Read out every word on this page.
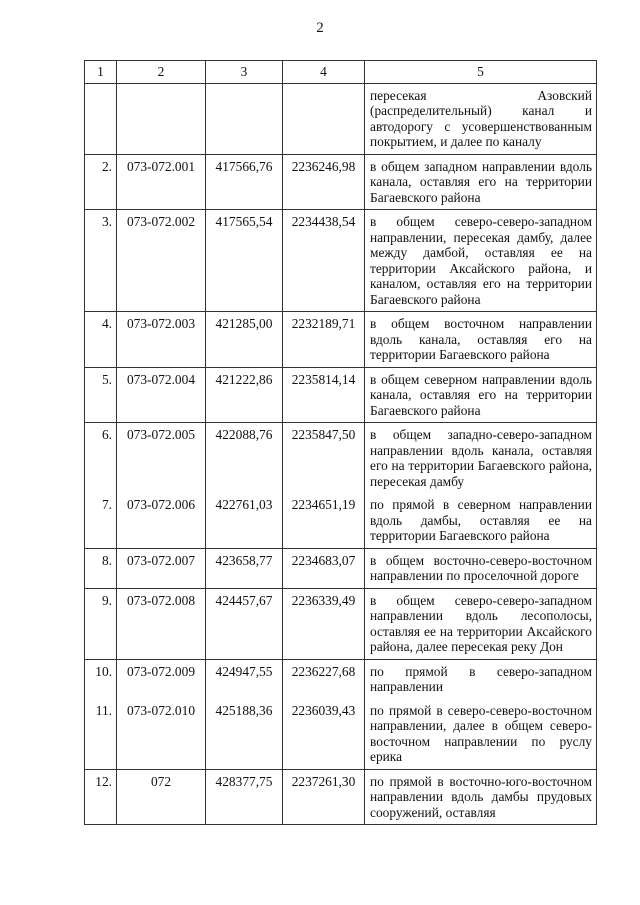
2
1	2	3	4	5
				пересекая Азовский (распределительный) канал и автодорогу с усовершенствованным покрытием, и далее по каналу
2.	073-072.001	417566,76	2236246,98	в общем западном направлении вдоль канала, оставляя его на территории Багаевского района
3.	073-072.002	417565,54	2234438,54	в общем северо-северо-западном направлении, пересекая дамбу, далее между дамбой, оставляя ее на территории Аксайского района, и каналом, оставляя его на территории Багаевского района
4.	073-072.003	421285,00	2232189,71	в общем восточном направлении вдоль канала, оставляя его на территории Багаевского района
5.	073-072.004	421222,86	2235814,14	в общем северном направлении вдоль канала, оставляя его на территории Багаевского района
6.	073-072.005	422088,76	2235847,50	в общем западно-северо-западном направлении вдоль канала, оставляя его на территории Багаевского района, пересекая дамбу
7.	073-072.006	422761,03	2234651,19	по прямой в северном направлении вдоль дамбы, оставляя ее на территории Багаевского района
8.	073-072.007	423658,77	2234683,07	в общем восточно-северо-восточном направлении по проселочной дороге
9.	073-072.008	424457,67	2236339,49	в общем северо-северо-западном направлении вдоль лесополосы, оставляя ее на территории Аксайского района, далее пересекая реку Дон
10.	073-072.009	424947,55	2236227,68	по прямой в северо-западном направлении
11.	073-072.010	425188,36	2236039,43	по прямой в северо-северо-восточном направлении, далее в общем северо-восточном направлении по руслу ерика
12.	072	428377,75	2237261,30	по прямой в восточно-юго-восточном направлении вдоль дамбы прудовых сооружений, оставляя
